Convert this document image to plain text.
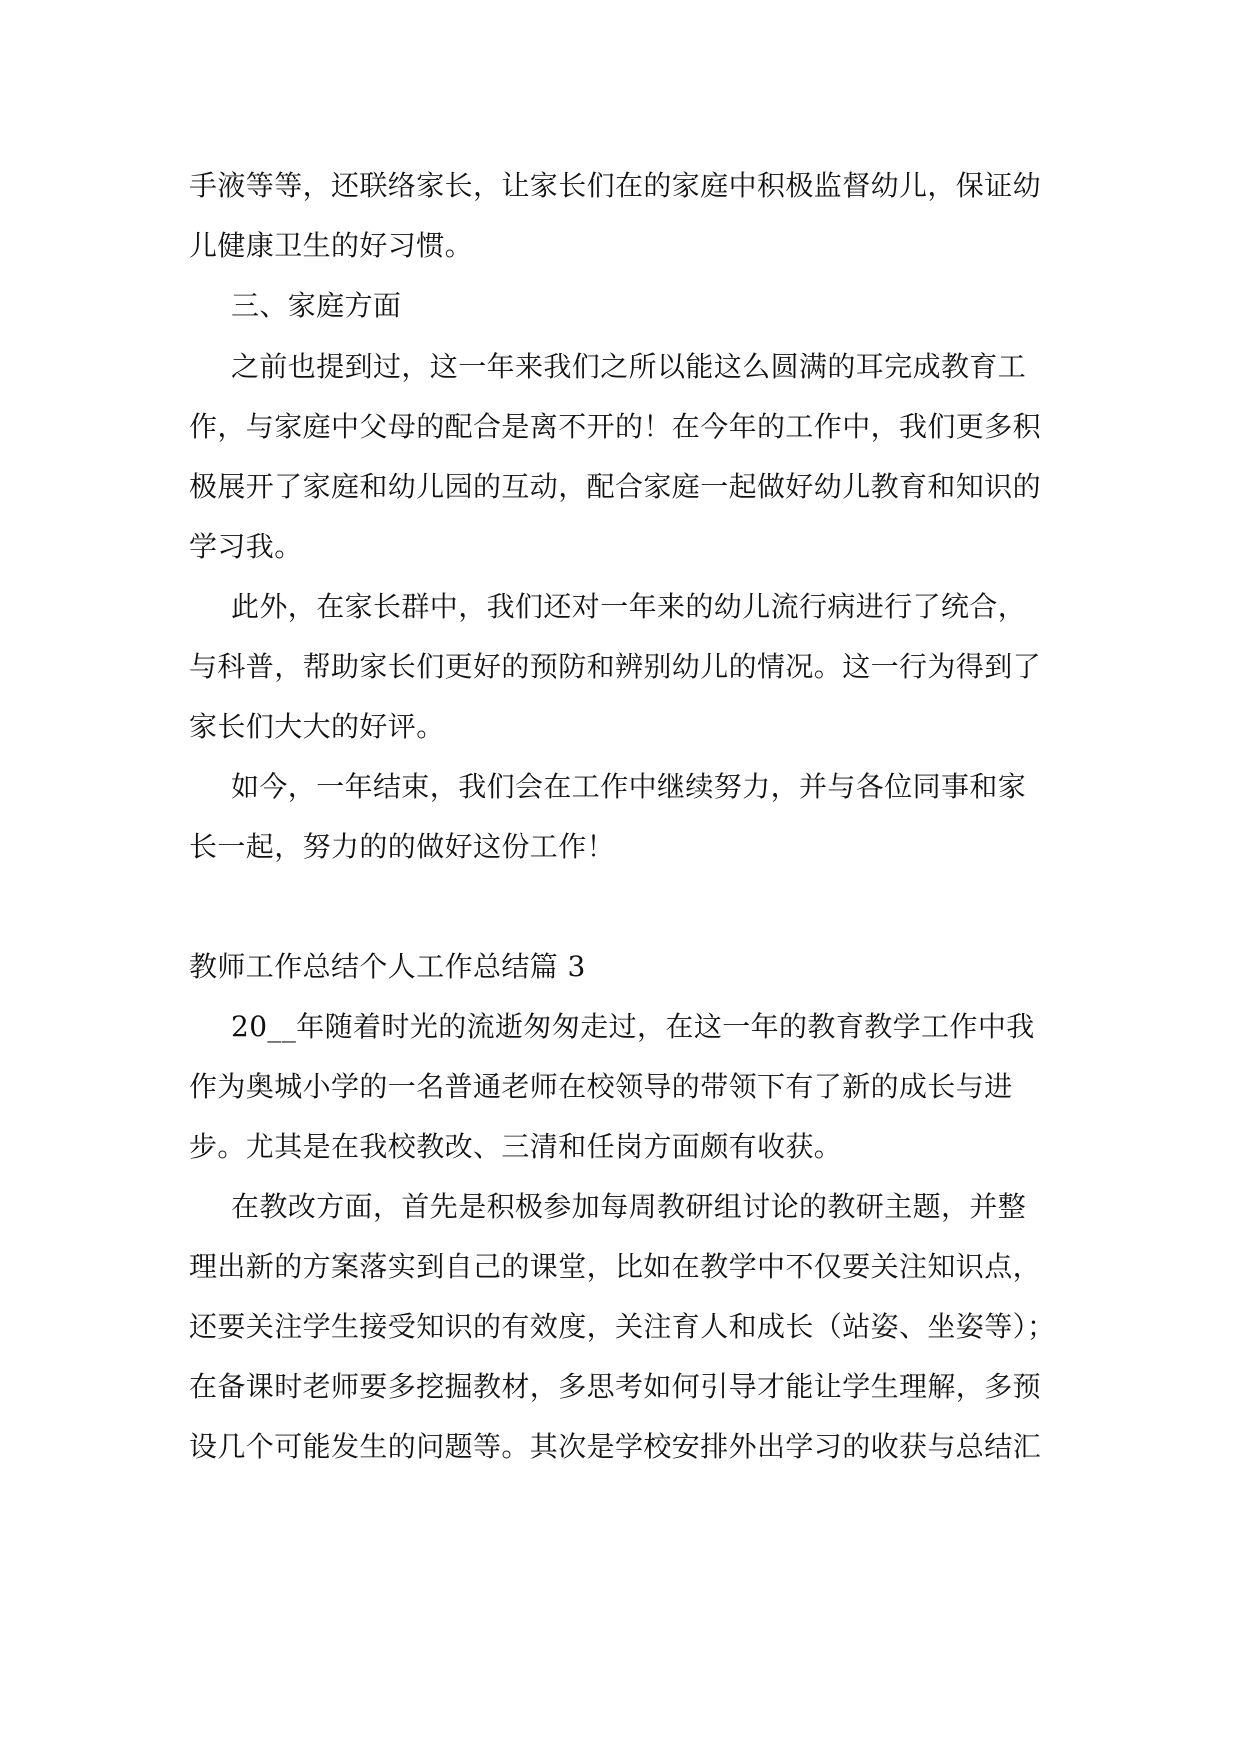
手液等等，还联络家长，让家长们在的家庭中积极监督幼儿，保证幼
儿健康卫生的好习惯。
三、家庭方面
之前也提到过，这一年来我们之所以能这么圆满的耳完成教育工
作，与家庭中父母的配合是离不开的！在今年的工作中，我们更多积
极展开了家庭和幼儿园的互动，配合家庭一起做好幼儿教育和知识的
学习我。
此外，在家长群中，我们还对一年来的幼儿流行病进行了统合，
与科普，帮助家长们更好的预防和辨别幼儿的情况。这一行为得到了
家长们大大的好评。
如今，一年结束，我们会在工作中继续努力，并与各位同事和家
长一起，努力的的做好这份工作！
教师工作总结个人工作总结篇 3
20__年随着时光的流逝匆匆走过，在这一年的教育教学工作中我
作为奥城小学的一名普通老师在校领导的带领下有了新的成长与进
步。尤其是在我校教改、三清和任岗方面颇有收获。
在教改方面，首先是积极参加每周教研组讨论的教研主题，并整
理出新的方案落实到自己的课堂，比如在教学中不仅要关注知识点，
还要关注学生接受知识的有效度，关注育人和成长（站姿、坐姿等）；
在备课时老师要多挖掘教材，多思考如何引导才能让学生理解，多预
设几个可能发生的问题等。其次是学校安排外出学习的收获与总结汇
